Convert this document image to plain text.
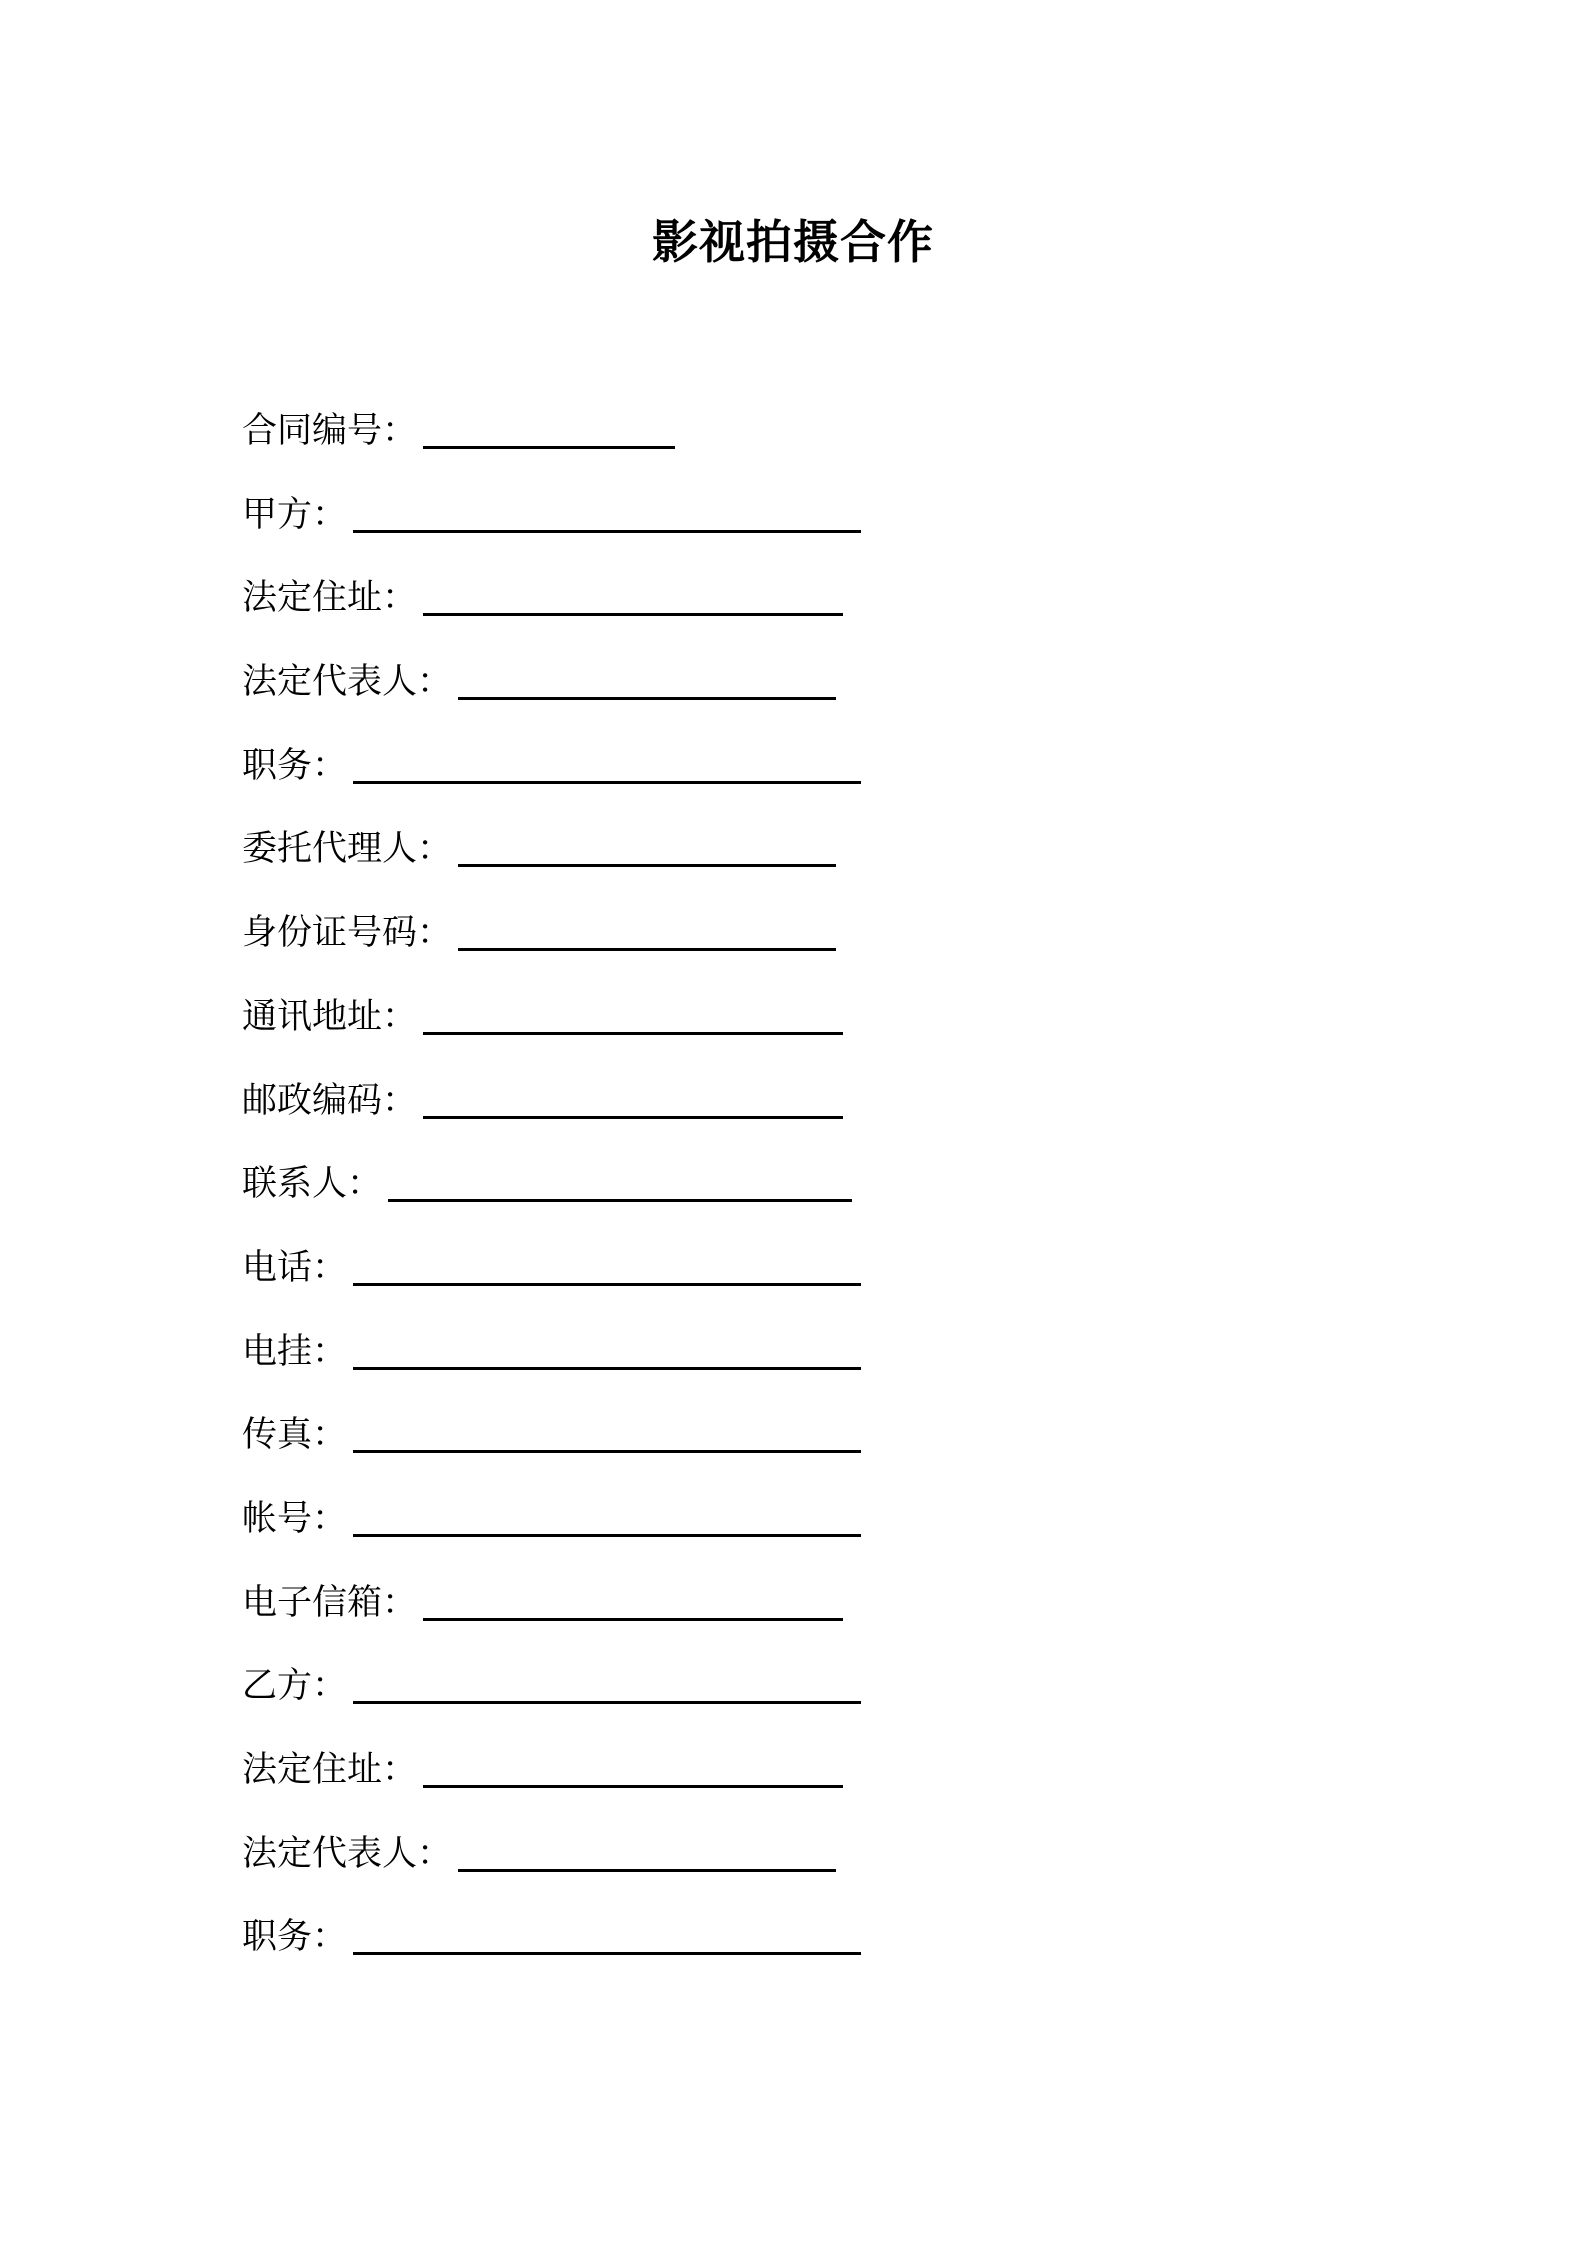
影视拍摄合作
合同编号：
甲方：
法定住址：
法定代表人：
职务：
委托代理人：
身份证号码：
通讯地址：
邮政编码：
联系人：
电话：
电挂：
传真：
帐号：
电子信箱：
乙方：
法定住址：
法定代表人：
职务：
